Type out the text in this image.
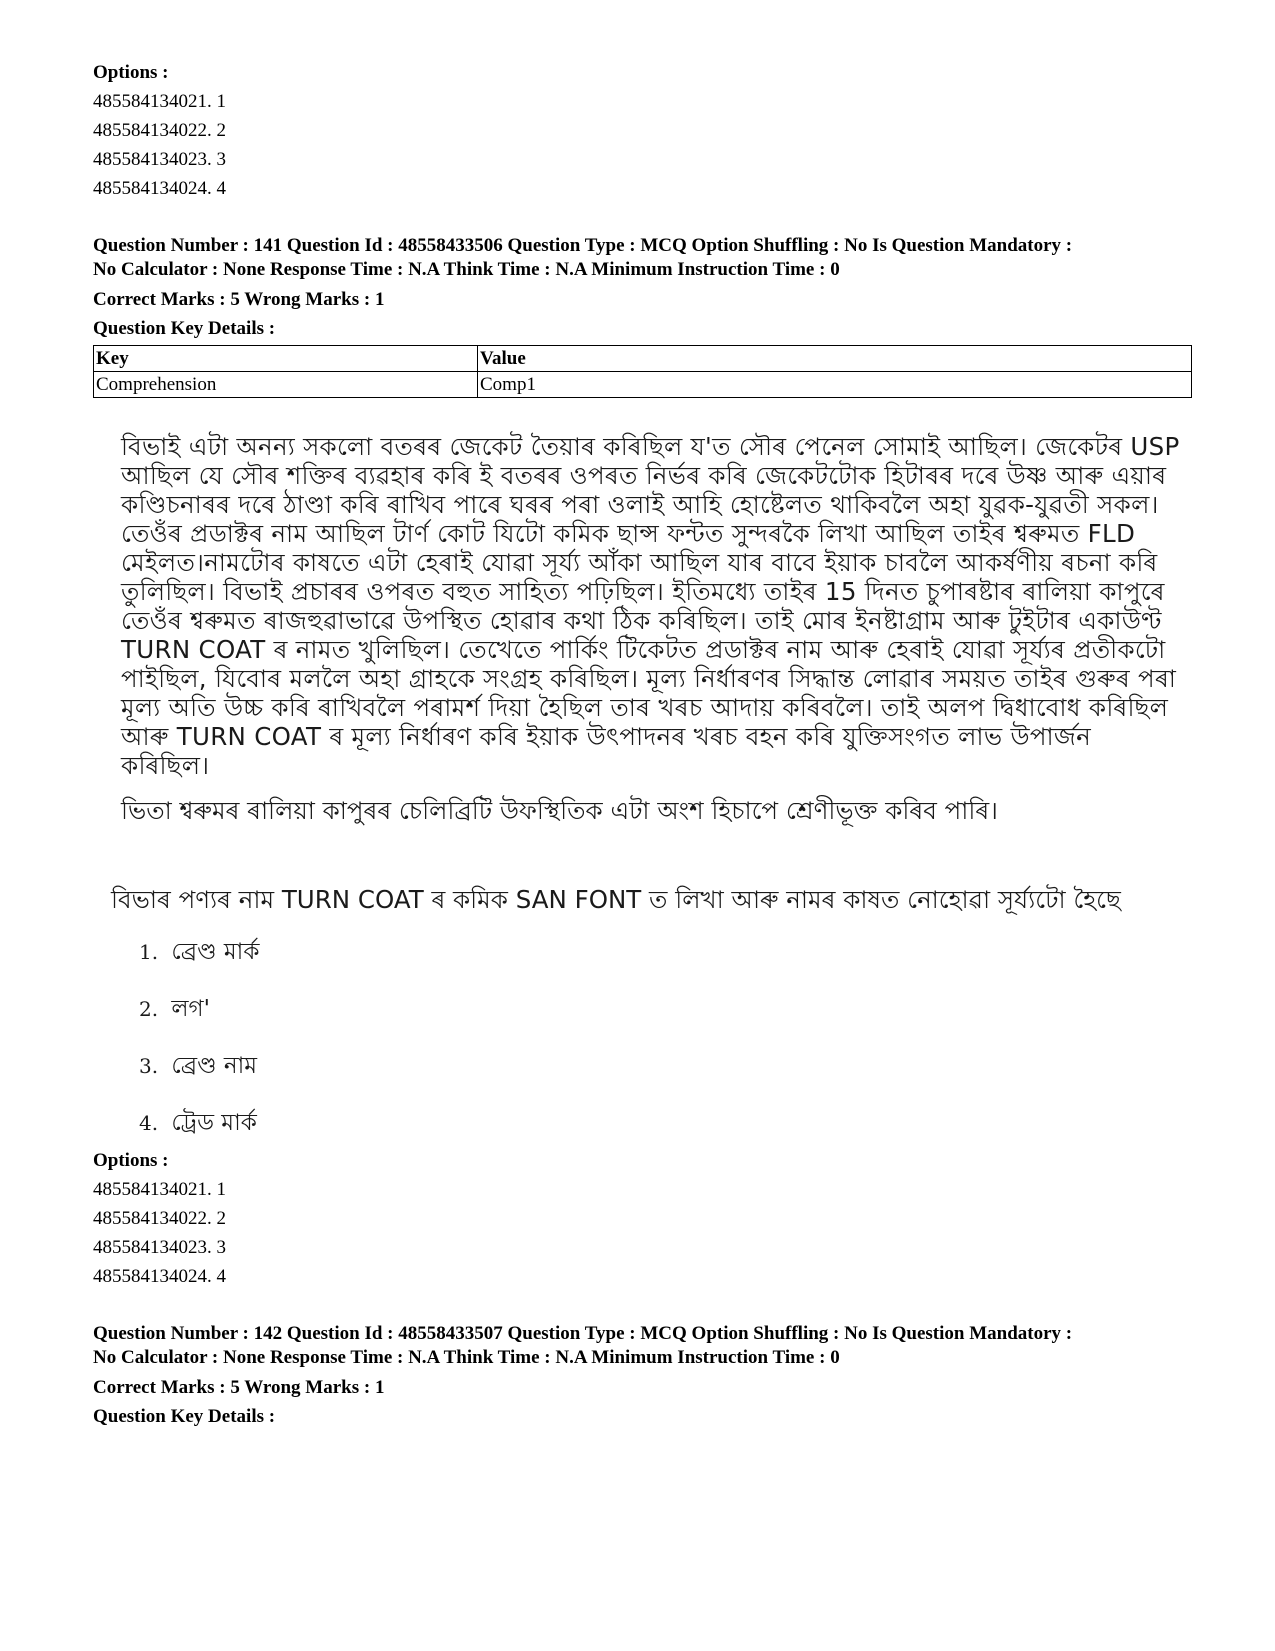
Options :
485584134021. 1
485584134022. 2
485584134023. 3
485584134024. 4
Question Number : 141 Question Id : 48558433506 Question Type : MCQ Option Shuffling : No Is Question Mandatory :
No Calculator : None Response Time : N.A Think Time : N.A Minimum Instruction Time : 0
Correct Marks : 5 Wrong Marks : 1
Question Key Details :
Key	Value
Comprehension	Comp1
বিভাই এটা অনন্য সকলো বতৰৰ জেকেট তৈয়াৰ কৰিছিল য'ত সৌৰ পেনেল সোমাই আছিল। জেকেটৰ USP আছিল যে সৌৰ শক্তিৰ ব্যৱহাৰ কৰি ই বতৰৰ ওপৰত নিৰ্ভৰ কৰি জেকেটটোক হিটাৰৰ দৰে উষ্ণ আৰু এয়াৰ কণ্ডিচনাৰৰ দৰে ঠাণ্ডা কৰি ৰাখিব পাৰে ঘৰৰ পৰা ওলাই আহি হোষ্টেলত থাকিবলৈ অহা যুৱক-যুৱতী সকল। তেওঁৰ প্ৰডাক্টৰ নাম আছিল টাৰ্ণ কোট যিটো কমিক ছান্স ফন্টত সুন্দৰকৈ লিখা আছিল তাইৰ শ্বৰুমত FLD মেইলত।নামটোৰ কাষতে এটা হেৰাই যোৱা সূৰ্য্য আঁকা আছিল যাৰ বাবে ইয়াক চাবলৈ আকৰ্ষণীয় ৰচনা কৰি তুলিছিল। বিভাই প্ৰচাৰৰ ওপৰত বহুত সাহিত্য পঢ়িছিল। ইতিমধ্যে তাইৰ 15 দিনত চুপাৰষ্টাৰ ৰালিয়া কাপুৰে তেওঁৰ শ্বৰুমত ৰাজহুৱাভাৱে উপস্থিত হোৱাৰ কথা ঠিক কৰিছিল। তাই মোৰ ইনষ্টাগ্ৰাম আৰু টুইটাৰ একাউণ্ট TURN COAT ৰ নামত খুলিছিল। তেখেতে পাৰ্কিং টিকেটত প্ৰডাক্টৰ নাম আৰু হেৰাই যোৱা সূৰ্য্যৰ প্ৰতীকটো পাইছিল, যিবোৰ মললৈ অহা গ্ৰাহকে সংগ্ৰহ কৰিছিল। মূল্য নিৰ্ধাৰণৰ সিদ্ধান্ত লোৱাৰ সময়ত তাইৰ গুৰুৰ পৰা মূল্য অতি উচ্চ কৰি ৰাখিবলৈ পৰামৰ্শ দিয়া হৈছিল তাৰ খৰচ আদায় কৰিবলৈ। তাই অলপ দ্বিধাবোধ কৰিছিল আৰু TURN COAT ৰ মূল্য নিৰ্ধাৰণ কৰি ইয়াক উৎপাদনৰ খৰচ বহন কৰি যুক্তিসংগত লাভ উপাৰ্জন কৰিছিল।
ভিতা শ্বৰুমৰ ৰালিয়া কাপুৰৰ চেলিব্ৰিটি উফস্থিতিক এটা অংশ হিচাপে শ্ৰেণীভূক্ত কৰিব পাৰি।
বিভাৰ পণ্যৰ নাম TURN COAT ৰ কমিক SAN FONT ত লিখা আৰু নামৰ কাষত নোহোৱা সূৰ্য্যটো হৈছে
1. ব্ৰেণ্ড মাৰ্ক
2. লগ'
3. ব্ৰেণ্ড নাম
4. ট্ৰেড মাৰ্ক
Options :
485584134021. 1
485584134022. 2
485584134023. 3
485584134024. 4
Question Number : 142 Question Id : 48558433507 Question Type : MCQ Option Shuffling : No Is Question Mandatory :
No Calculator : None Response Time : N.A Think Time : N.A Minimum Instruction Time : 0
Correct Marks : 5 Wrong Marks : 1
Question Key Details :
